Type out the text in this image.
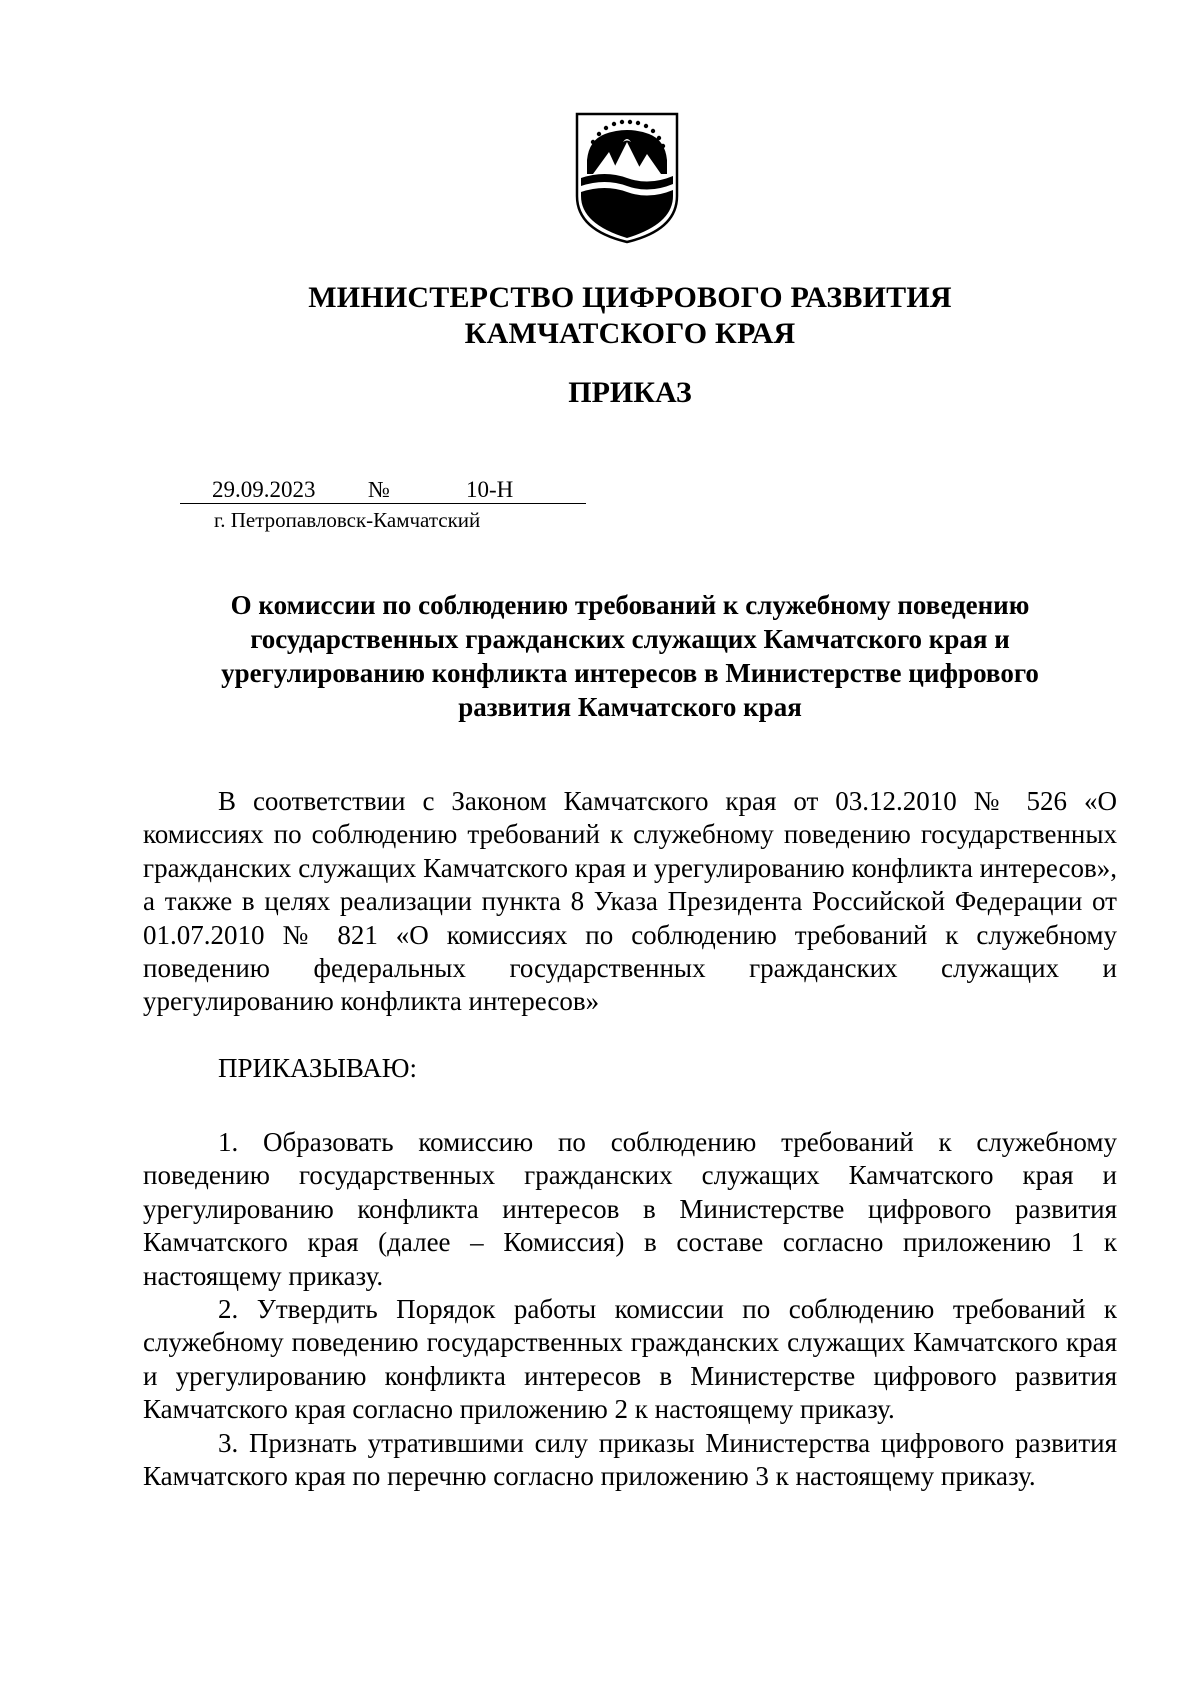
МИНИСТЕРСТВО ЦИФРОВОГО РАЗВИТИЯ
КАМЧАТСКОГО КРАЯ
ПРИКАЗ
29.09.2023 №	10-Н
г. Петропавловск-Камчатский
О комиссии по соблюдению требований к служебному поведению государственных гражданских служащих Камчатского края и урегулированию конфликта интересов в Министерстве цифрового развития Камчатского края

В соответствии с Законом Камчатского края от 03.12.2010 № 526 «О комиссиях по соблюдению требований к служебному поведению государственных гражданских служащих Камчатского края и урегулированию конфликта интересов», а также в целях реализации пункта 8 Указа Президента Российской Федерации от 01.07.2010 № 821 «О комиссиях по соблюдению требований к служебному поведению федеральных государственных гражданских служащих и урегулированию конфликта интересов»

ПРИКАЗЫВАЮ:

1. Образовать комиссию по соблюдению требований к служебному поведению государственных гражданских служащих Камчатского края и урегулированию конфликта интересов в Министерстве цифрового развития Камчатского края (далее – Комиссия) в составе согласно приложению 1 к настоящему приказу.

2. Утвердить Порядок работы комиссии по соблюдению требований к служебному поведению государственных гражданских служащих Камчатского края и урегулированию конфликта интересов в Министерстве цифрового развития Камчатского края согласно приложению 2 к настоящему приказу.

3. Признать утратившими силу приказы Министерства цифрового развития Камчатского края по перечню согласно приложению 3 к настоящему приказу.
